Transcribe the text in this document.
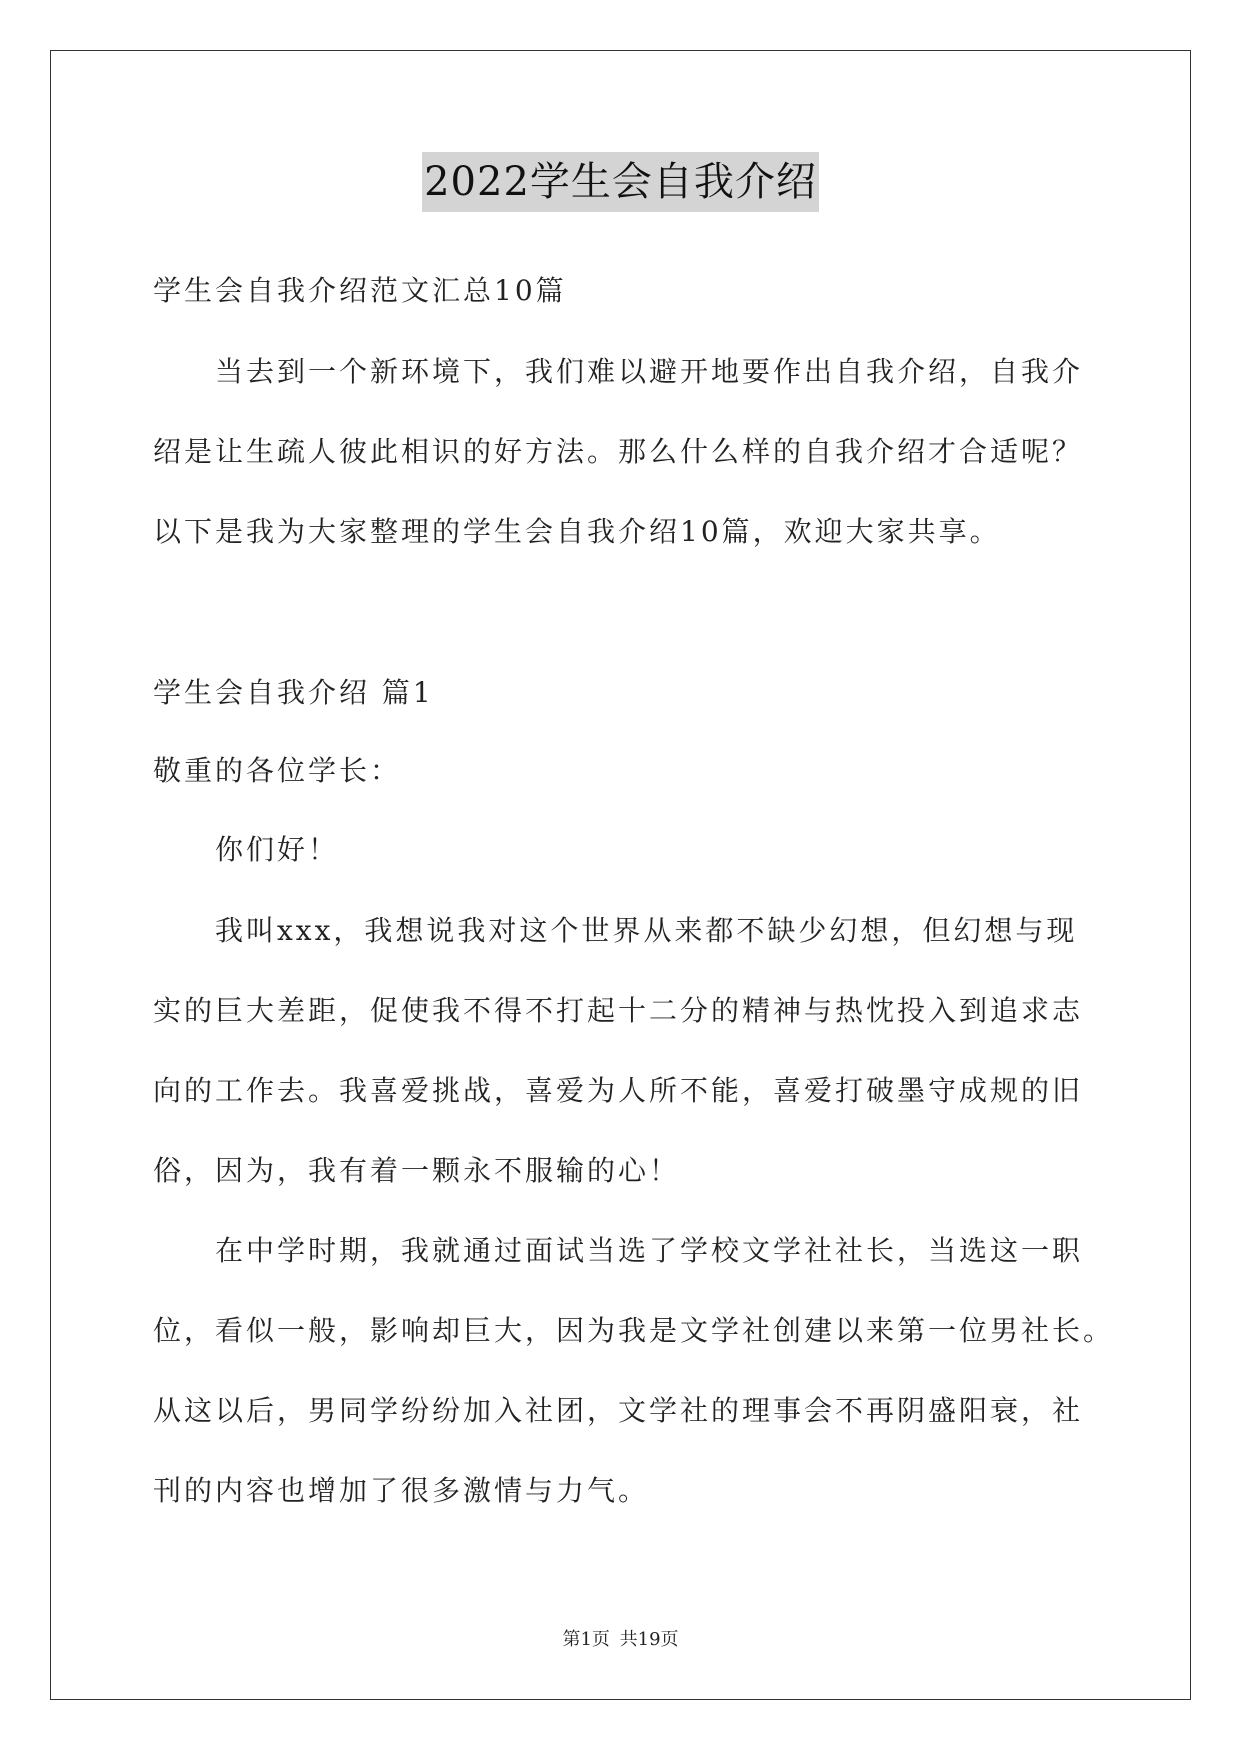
2022学生会自我介绍
学生会自我介绍范文汇总10篇
当去到一个新环境下，我们难以避开地要作出自我介绍，自我介
绍是让生疏人彼此相识的好方法。那么什么样的自我介绍才合适呢？
以下是我为大家整理的学生会自我介绍10篇，欢迎大家共享。
学生会自我介绍 篇1
敬重的各位学长：
你们好！
我叫xxx，我想说我对这个世界从来都不缺少幻想，但幻想与现
实的巨大差距，促使我不得不打起十二分的精神与热忱投入到追求志
向的工作去。我喜爱挑战，喜爱为人所不能，喜爱打破墨守成规的旧
俗，因为，我有着一颗永不服输的心！
在中学时期，我就通过面试当选了学校文学社社长，当选这一职
位，看似一般，影响却巨大，因为我是文学社创建以来第一位男社长。
从这以后，男同学纷纷加入社团，文学社的理事会不再阴盛阳衰，社
刊的内容也增加了很多激情与力气。
第1页 共19页
